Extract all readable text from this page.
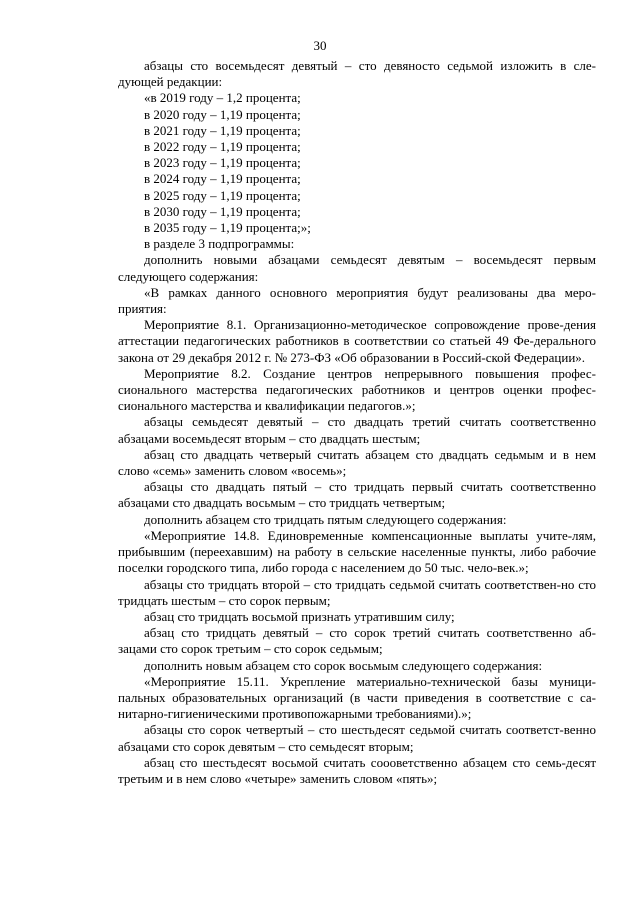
30

абзацы сто восемьдесят девятый – сто девяносто седьмой изложить в сле-дующей редакции:

«в 2019 году – 1,2 процента;

в 2020 году – 1,19 процента;

в 2021 году – 1,19 процента;

в 2022 году – 1,19 процента;

в 2023 году – 1,19 процента;

в 2024 году – 1,19 процента;

в 2025 году – 1,19 процента;

в 2030 году – 1,19 процента;

в 2035 году – 1,19 процента;»;

в разделе 3 подпрограммы:

дополнить новыми абзацами семьдесят девятым – восемьдесят первым следующего содержания:

«В рамках данного основного мероприятия будут реализованы два меро-приятия:

Мероприятие 8.1. Организационно-методическое сопровождение прове-дения аттестации педагогических работников в соответствии со статьей 49 Фе-дерального закона от 29 декабря 2012 г. № 273-ФЗ «Об образовании в Россий-ской Федерации».

Мероприятие 8.2. Создание центров непрерывного повышения профес-сионального мастерства педагогических работников и центров оценки профес-сионального мастерства и квалификации педагогов.»;

абзацы семьдесят девятый – сто двадцать третий считать соответственно абзацами восемьдесят вторым – сто двадцать шестым;

абзац сто двадцать четверый считать абзацем сто двадцать седьмым и в нем слово «семь» заменить словом «восемь»;

абзацы сто двадцать пятый – сто тридцать первый считать соответственно абзацами сто двадцать восьмым – сто тридцать четвертым;

дополнить абзацем сто тридцать пятым следующего содержания:

«Мероприятие 14.8. Единовременные компенсационные выплаты учите-лям, прибывшим (переехавшим) на работу в сельские населенные пункты, либо рабочие поселки городского типа, либо города с населением до 50 тыс. чело-век.»;

абзацы сто тридцать второй – сто тридцать седьмой считать соответствен-но сто тридцать шестым – сто сорок первым;

абзац сто тридцать восьмой признать утратившим силу;

абзац сто тридцать девятый – сто сорок третий считать соответственно аб-зацами сто сорок третьим – сто сорок седьмым;

дополнить новым абзацем сто сорок восьмым следующего содержания:

«Мероприятие 15.11. Укрепление материально-технической базы муници-пальных образовательных организаций (в части приведения в соответствие с са-нитарно-гигиеническими противопожарными требованиями).»;

абзацы сто сорок четвертый – сто шестьдесят седьмой считать соответст-венно абзацами сто сорок девятым – сто семьдесят вторым;

абзац сто шестьдесят восьмой считать соооветственно абзацем сто семь-десят третьим и в нем слово «четыре» заменить словом «пять»;
